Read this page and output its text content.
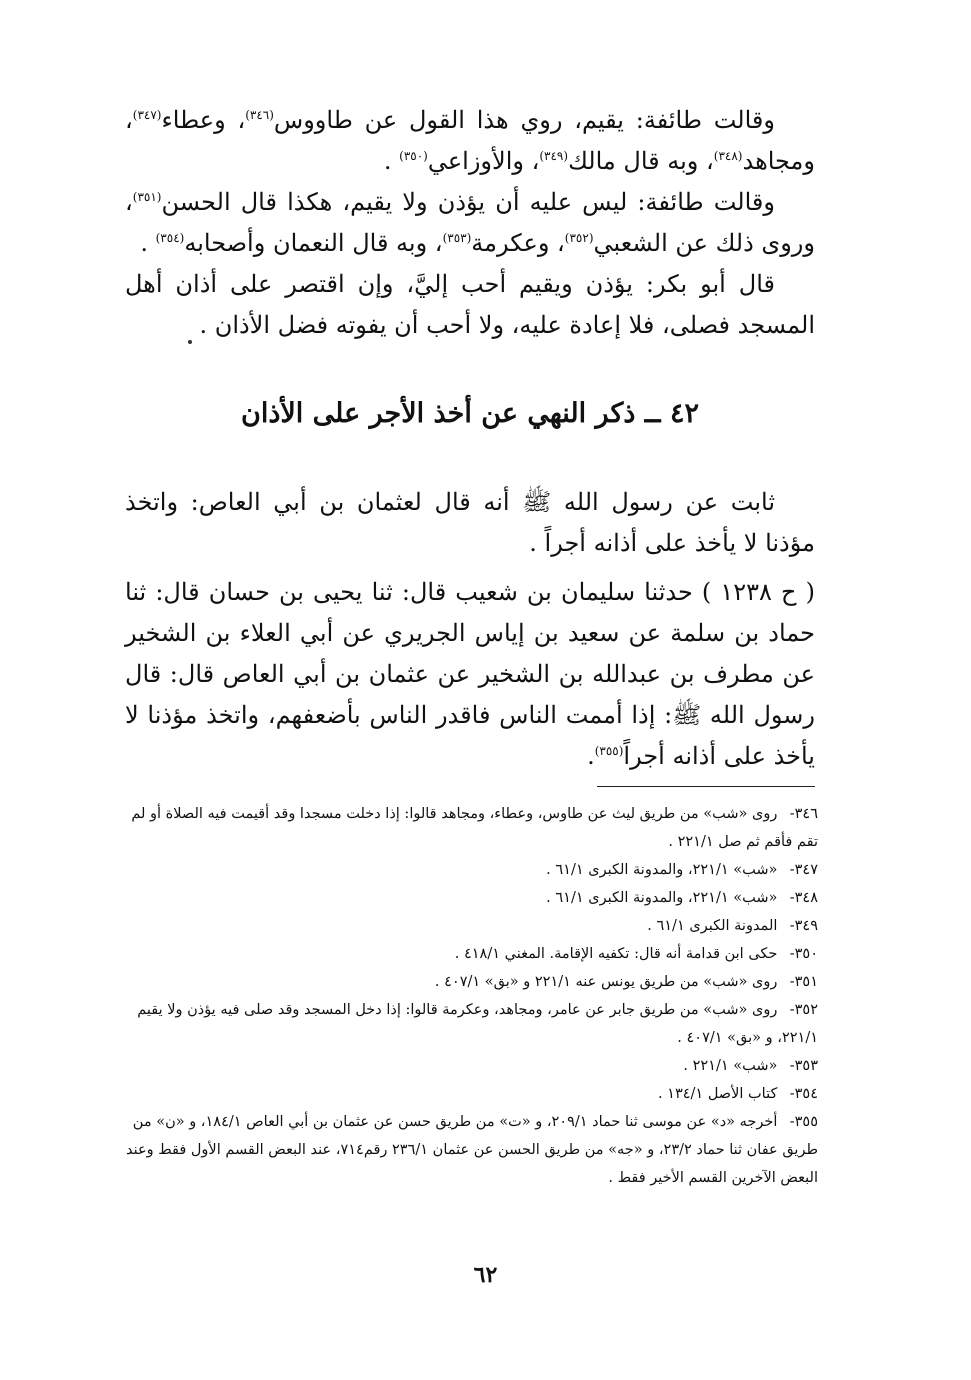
وقالت طائفة: يقيم، روي هذا القول عن طاووس$^{(٣٤٦)}$، وعطاء$^{(٣٤٧)}$، ومجاهد$^{(٣٤٨)}$، وبه قال مالك$^{(٣٤٩)}$، والأوزاعي$^{(٣٥٠)}$ .

وقالت طائفة: ليس عليه أن يؤذن ولا يقيم، هكذا قال الحسن$^{(٣٥١)}$، وروى ذلك عن الشعبي$^{(٣٥٢)}$، وعكرمة$^{(٣٥٣)}$، وبه قال النعمان وأصحابه$^{(٣٥٤)}$ .

قال أبو بكر: يؤذن ويقيم أحب إليَّ، وإن اقتصر على أذان أهل المسجد فصلى، فلا إعادة عليه، ولا أحب أن يفوته فضل الأذان .

٤٢ ــ ذكر النهي عن أخذ الأجر على الأذان

ثابت عن رسول الله ﷺ أنه قال لعثمان بن أبي العاص: واتخذ مؤذنا لا يأخذ على أذانه أجراً .

( ح ١٢٣٨ ) حدثنا سليمان بن شعيب قال: ثنا يحيى بن حسان قال: ثنا حماد بن سلمة عن سعيد بن إياس الجريري عن أبي العلاء بن الشخير عن مطرف بن عبدالله بن الشخير عن عثمان بن أبي العاص قال: قال رسول الله ﷺ: إذا أممت الناس فاقدر الناس بأضعفهم، واتخذ مؤذنا لا يأخذ على أذانه أجراً$^{(٣٥٥)}$.

٣٤٦- روى «شب» من طريق ليث عن طاوس، وعطاء، ومجاهد قالوا: إذا دخلت مسجدا وقد أقيمت فيه الصلاة أو لم تقم فأقم ثم صل ٢٢١/١ .

٣٤٧- «شب» ٢٢١/١، والمدونة الكبرى ٦١/١ .

٣٤٨- «شب» ٢٢١/١، والمدونة الكبرى ٦١/١ .

٣٤٩- المدونة الكبرى ٦١/١ .

٣٥٠- حكى ابن قدامة أنه قال: تكفيه الإقامة. المغني ٤١٨/١ .

٣٥١- روى «شب» من طريق يونس عنه ٢٢١/١ و «بق» ٤٠٧/١ .

٣٥٢- روى «شب» من طريق جابر عن عامر، ومجاهد، وعكرمة قالوا: إذا دخل المسجد وقد صلى فيه يؤذن ولا يقيم ٢٢١/١، و «بق» ٤٠٧/١ .

٣٥٣- «شب» ٢٢١/١ .

٣٥٤- كتاب الأصل ١٣٤/١ .

٣٥٥- أخرجه «د» عن موسى ثنا حماد ٢٠٩/١، و «ت» من طريق حسن عن عثمان بن أبي العاص ١٨٤/١، و «ن» من طريق عفان ثنا حماد ٢٣/٢، و «جه» من طريق الحسن عن عثمان ٢٣٦/١ رقم٧١٤، عند البعض القسم الأول فقط وعند البعض الآخرين القسم الأخير فقط .

٦٢
